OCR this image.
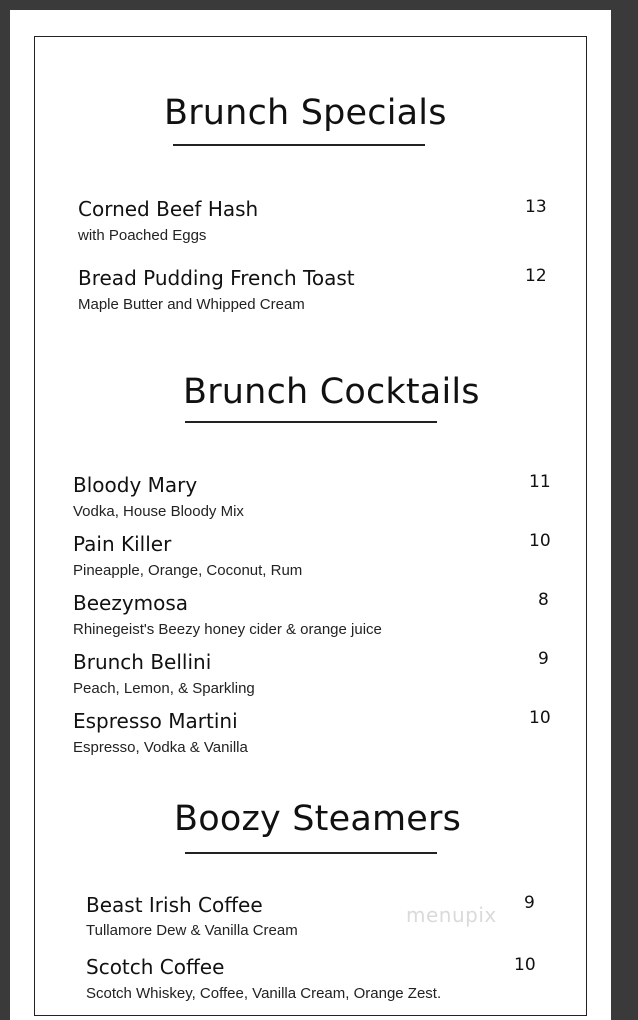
Brunch Specials
Corned Beef Hash
with Poached Eggs
13
Bread Pudding French Toast
Maple Butter and Whipped Cream
12
Brunch Cocktails
Bloody Mary
Vodka, House Bloody Mix
11
Pain Killer
Pineapple, Orange, Coconut, Rum
10
Beezymosa
Rhinegeist's Beezy honey cider & orange juice
8
Brunch Bellini
Peach, Lemon, & Sparkling
9
Espresso Martini
Espresso, Vodka & Vanilla
10
Boozy Steamers
Beast Irish Coffee
Tullamore Dew & Vanilla Cream
9
Scotch Coffee
Scotch Whiskey, Coffee, Vanilla Cream, Orange Zest.
10
menupix
